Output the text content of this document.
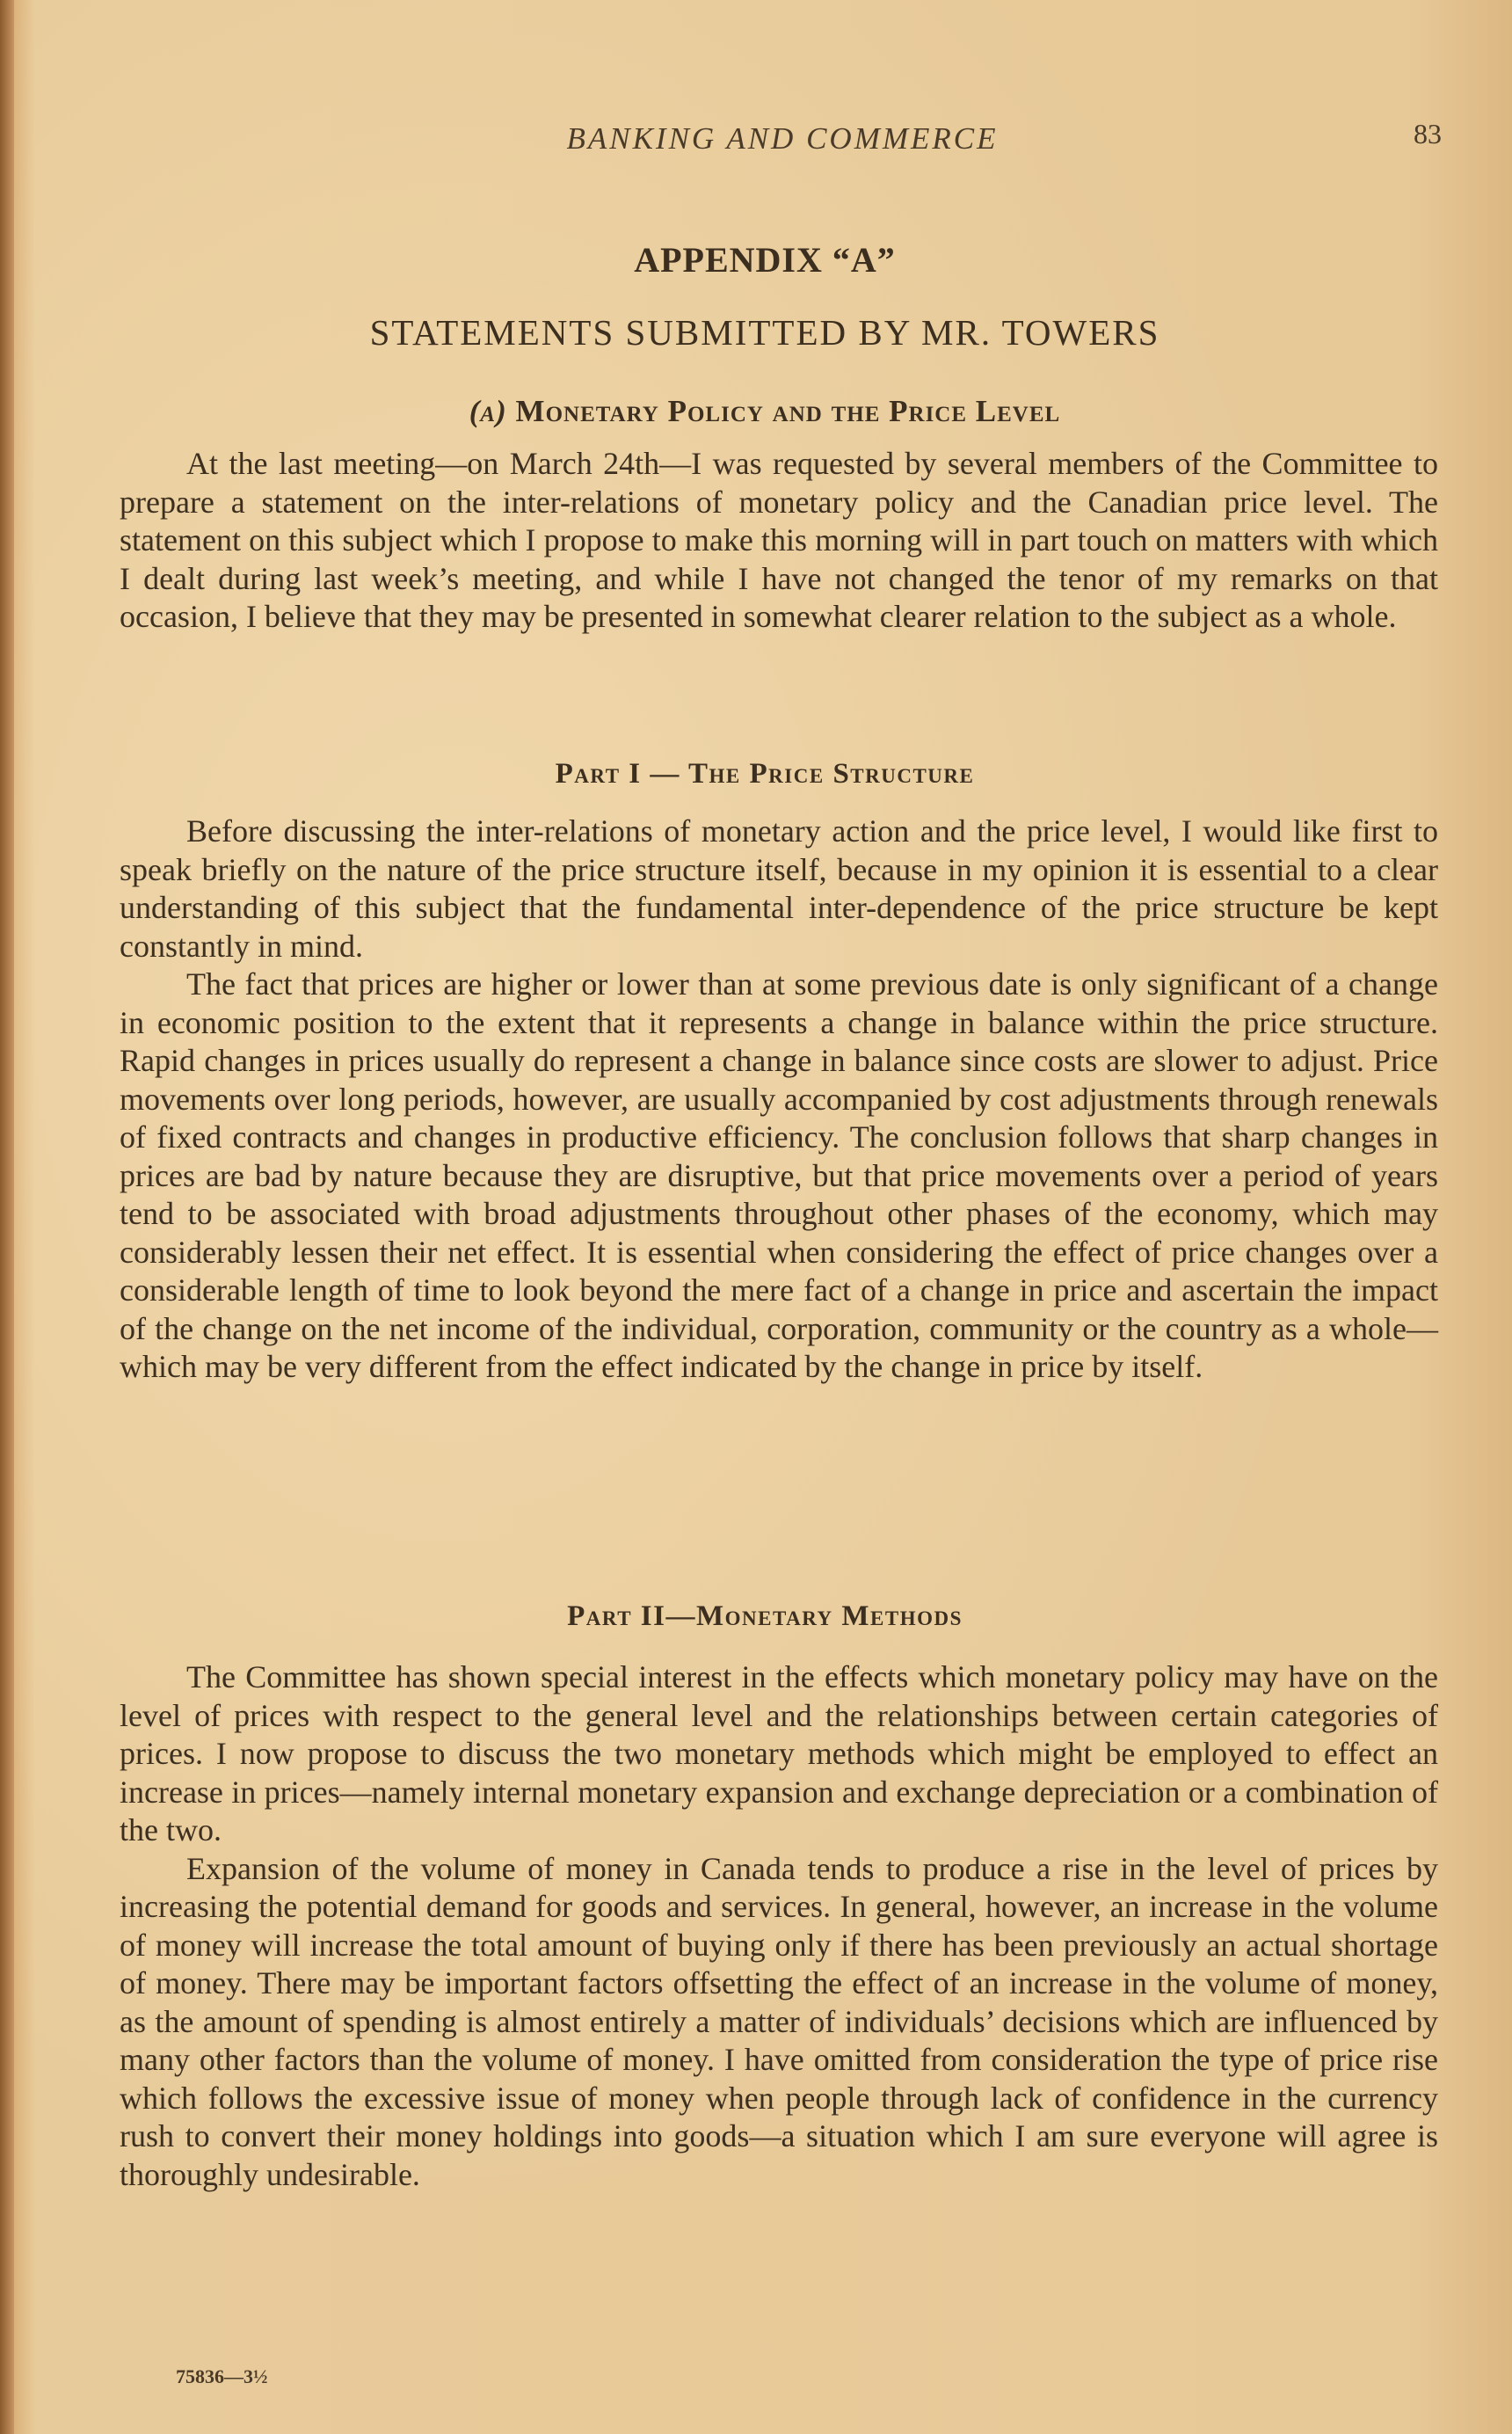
BANKING AND COMMERCE	83
APPENDIX “A”
STATEMENTS SUBMITTED BY MR. TOWERS
(a) Monetary Policy and the Price Level

At the last meeting—on March 24th—I was requested by several members of the Committee to prepare a statement on the inter-relations of monetary policy and the Canadian price level. The statement on this subject which I propose to make this morning will in part touch on matters with which I dealt during last week’s meeting, and while I have not changed the tenor of my remarks on that occasion, I believe that they may be presented in somewhat clearer relation to the subject as a whole.

Part I — The Price Structure

Before discussing the inter-relations of monetary action and the price level, I would like first to speak briefly on the nature of the price structure itself, because in my opinion it is essential to a clear understanding of this subject that the fundamental inter-dependence of the price structure be kept constantly in mind.

The fact that prices are higher or lower than at some previous date is only significant of a change in economic position to the extent that it represents a change in balance within the price structure. Rapid changes in prices usually do represent a change in balance since costs are slower to adjust. Price movements over long periods, however, are usually accompanied by cost adjustments through renewals of fixed contracts and changes in productive efficiency. The conclusion follows that sharp changes in prices are bad by nature because they are disruptive, but that price movements over a period of years tend to be associated with broad adjustments throughout other phases of the economy, which may considerably lessen their net effect. It is essential when considering the effect of price changes over a considerable length of time to look beyond the mere fact of a change in price and ascertain the impact of the change on the net income of the individual, corporation, community or the country as a whole—which may be very different from the effect indicated by the change in price by itself.

Part II—Monetary Methods

The Committee has shown special interest in the effects which monetary policy may have on the level of prices with respect to the general level and the relationships between certain categories of prices. I now propose to discuss the two monetary methods which might be employed to effect an increase in prices—namely internal monetary expansion and exchange depreciation or a combination of the two.

Expansion of the volume of money in Canada tends to produce a rise in the level of prices by increasing the potential demand for goods and services. In general, however, an increase in the volume of money will increase the total amount of buying only if there has been previously an actual shortage of money. There may be important factors offsetting the effect of an increase in the volume of money, as the amount of spending is almost entirely a matter of individuals’ decisions which are influenced by many other factors than the volume of money. I have omitted from consideration the type of price rise which follows the excessive issue of money when people through lack of confidence in the currency rush to convert their money holdings into goods—a situation which I am sure everyone will agree is thoroughly undesirable.

75836—3½
